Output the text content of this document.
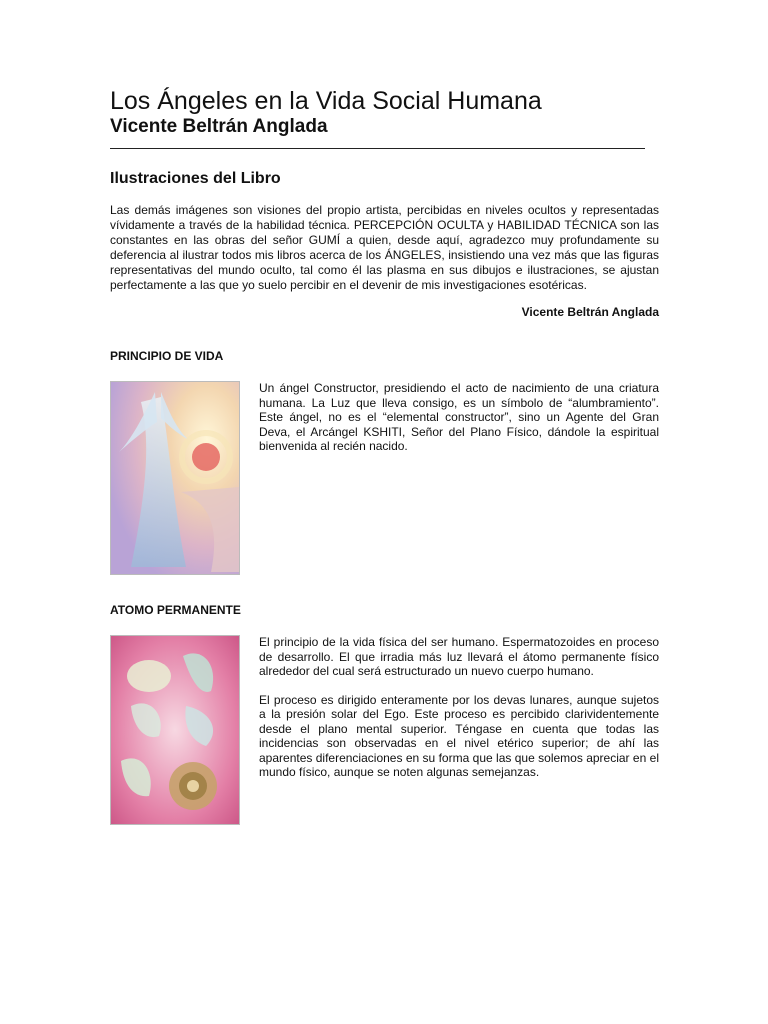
Los Ángeles en la Vida Social Humana
Vicente Beltrán Anglada
Ilustraciones del Libro

Las demás imágenes son visiones del propio artista, percibidas en niveles ocultos y representadas vívidamente a través de la habilidad técnica. PERCEPCIÓN OCULTA y HABILIDAD TÉCNICA son las constantes en las obras del señor GUMÍ a quien, desde aquí, agradezco muy profundamente su deferencia al ilustrar todos mis libros acerca de los ÁNGELES, insistiendo una vez más que las figuras representativas del mundo oculto, tal como él las plasma en sus dibujos e ilustraciones, se ajustan perfectamente a las que yo suelo percibir en el devenir de mis investigaciones esotéricas.

Vicente Beltrán Anglada
PRINCIPIO DE VIDA

Un ángel Constructor, presidiendo el acto de nacimiento de una criatura humana. La Luz que lleva consigo, es un símbolo de “alumbramiento”. Este ángel, no es el “elemental constructor”, sino un Agente del Gran Deva, el Arcángel KSHITI, Señor del Plano Físico, dándole la espiritual bienvenida al recién nacido.

ATOMO PERMANENTE

El principio de la vida física del ser humano. Espermatozoides en proceso de desarrollo. El que irradia más luz llevará el átomo permanente físico alrededor del cual será estructurado un nuevo cuerpo humano.

El proceso es dirigido enteramente por los devas lunares, aunque sujetos a la presión solar del Ego. Este proceso es percibido clarividentemente desde el plano mental superior. Téngase en cuenta que todas las incidencias son observadas en el nivel etérico superior; de ahí las aparentes diferenciaciones en su forma que las que solemos apreciar en el mundo físico, aunque se noten algunas semejanzas.
